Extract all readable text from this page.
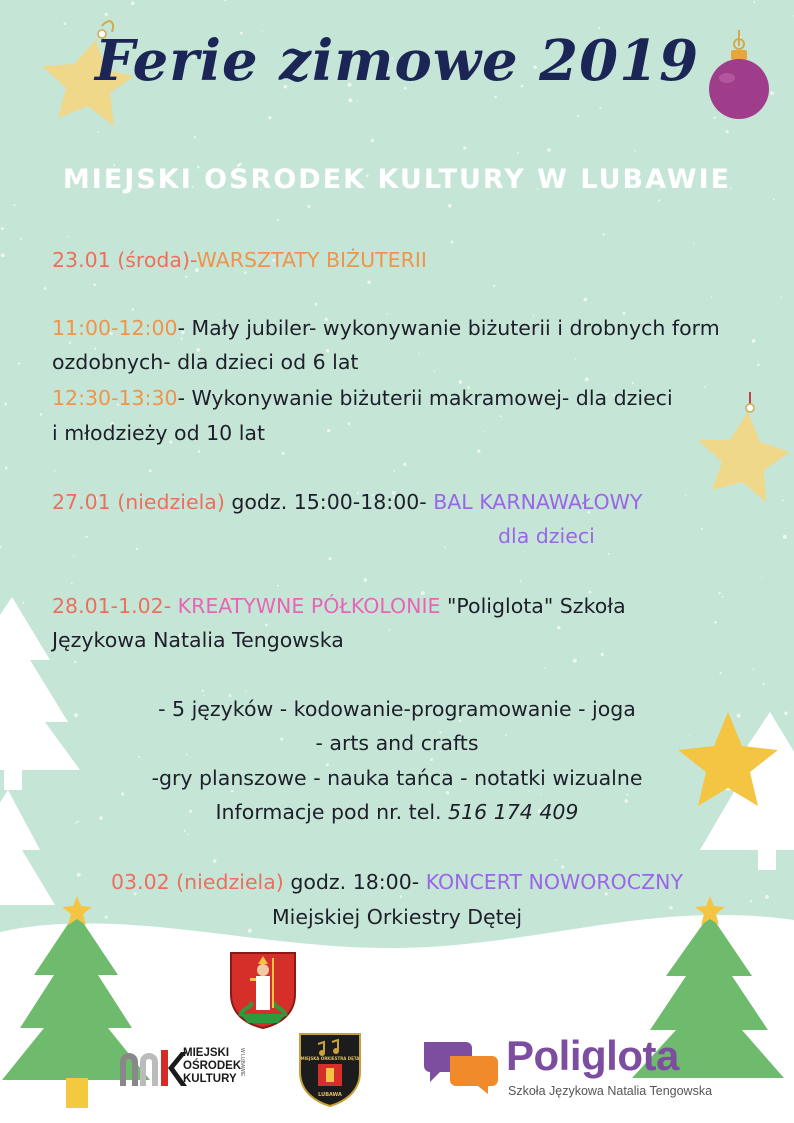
Ferie zimowe 2019
MIEJSKI OŚRODEK KULTURY W LUBAWIE
23.01 (środa)-WARSZTATY BIŻUTERII
11:00-12:00- Mały jubiler- wykonywanie biżuterii i drobnych form
ozdobnych- dla dzieci od 6 lat
12:30-13:30- Wykonywanie biżuterii makramowej- dla dzieci
i młodzieży od 10 lat
27.01 (niedziela) godz. 15:00-18:00- BAL KARNAWAŁOWY
dla dzieci
28.01-1.02- KREATYWNE PÓŁKOLONIE "Poliglota" Szkoła
Językowa Natalia Tengowska
- 5 języków - kodowanie-programowanie - joga
- arts and crafts
-gry planszowe - nauka tańca - notatki wizualne
Informacje pod nr. tel. 516 174 409
03.02 (niedziela) godz. 18:00- KONCERT NOWOROCZNY
Miejskiej Orkiestry Dętej
MIEJSKI
OŚRODEK
KULTURY
W LUBAWIE	MIEJSKA ORKIESTRA DĘTA
LUBAWA
Poliglota
Szkoła Językowa Natalia Tengowska
